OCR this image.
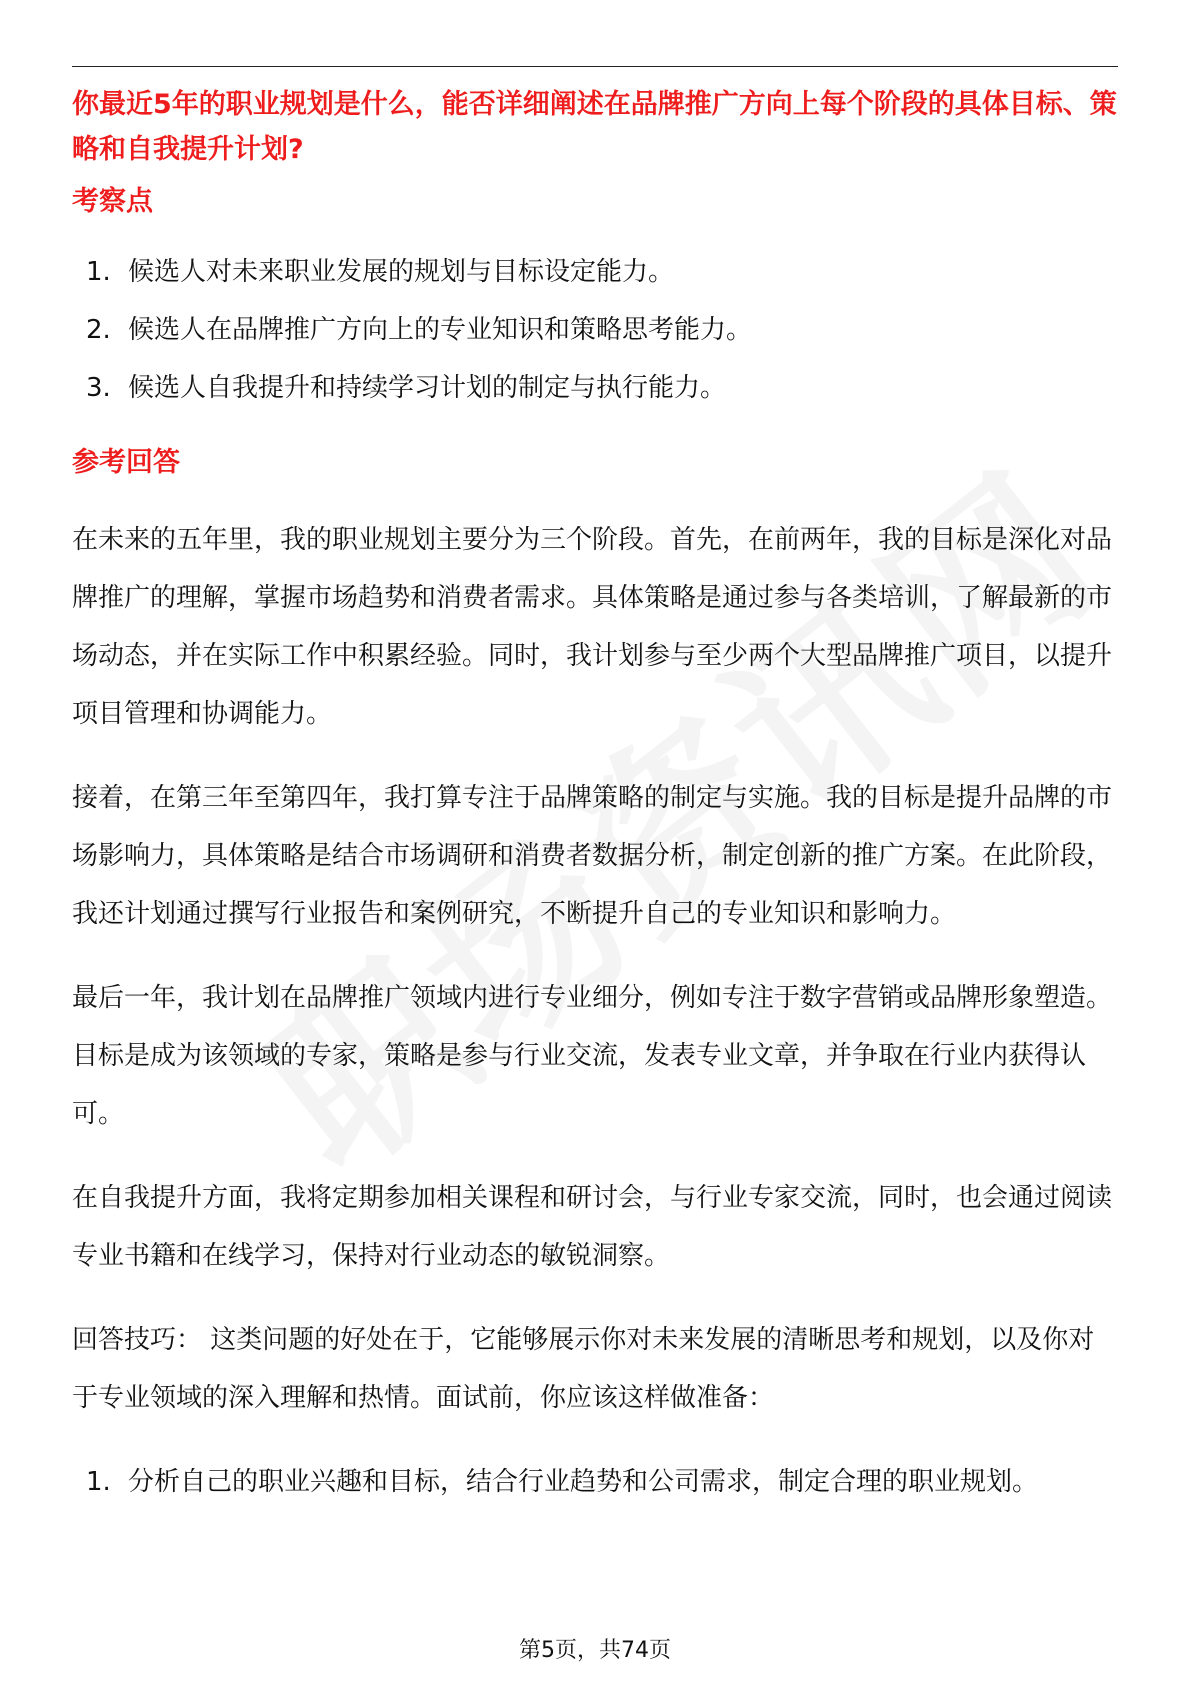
你最近5年的职业规划是什么，能否详细阐述在品牌推广方向上每个阶段的具体目标、策略和自我提升计划?

考察点

1. 候选人对未来职业发展的规划与目标设定能力。
2. 候选人在品牌推广方向上的专业知识和策略思考能力。
3. 候选人自我提升和持续学习计划的制定与执行能力。

参考回答

在未来的五年里，我的职业规划主要分为三个阶段。首先，在前两年，我的目标是深化对品牌推广的理解，掌握市场趋势和消费者需求。具体策略是通过参与各类培训，了解最新的市场动态，并在实际工作中积累经验。同时，我计划参与至少两个大型品牌推广项目，以提升项目管理和协调能力。

接着，在第三年至第四年，我打算专注于品牌策略的制定与实施。我的目标是提升品牌的市场影响力，具体策略是结合市场调研和消费者数据分析，制定创新的推广方案。在此阶段，我还计划通过撰写行业报告和案例研究，不断提升自己的专业知识和影响力。

最后一年，我计划在品牌推广领域内进行专业细分，例如专注于数字营销或品牌形象塑造。目标是成为该领域的专家，策略是参与行业交流，发表专业文章，并争取在行业内获得认可。

在自我提升方面，我将定期参加相关课程和研讨会，与行业专家交流，同时，也会通过阅读专业书籍和在线学习，保持对行业动态的敏锐洞察。

回答技巧： 这类问题的好处在于，它能够展示你对未来发展的清晰思考和规划，以及你对于专业领域的深入理解和热情。面试前，你应该这样做准备：

1. 分析自己的职业兴趣和目标，结合行业趋势和公司需求，制定合理的职业规划。
第5页，共74页
